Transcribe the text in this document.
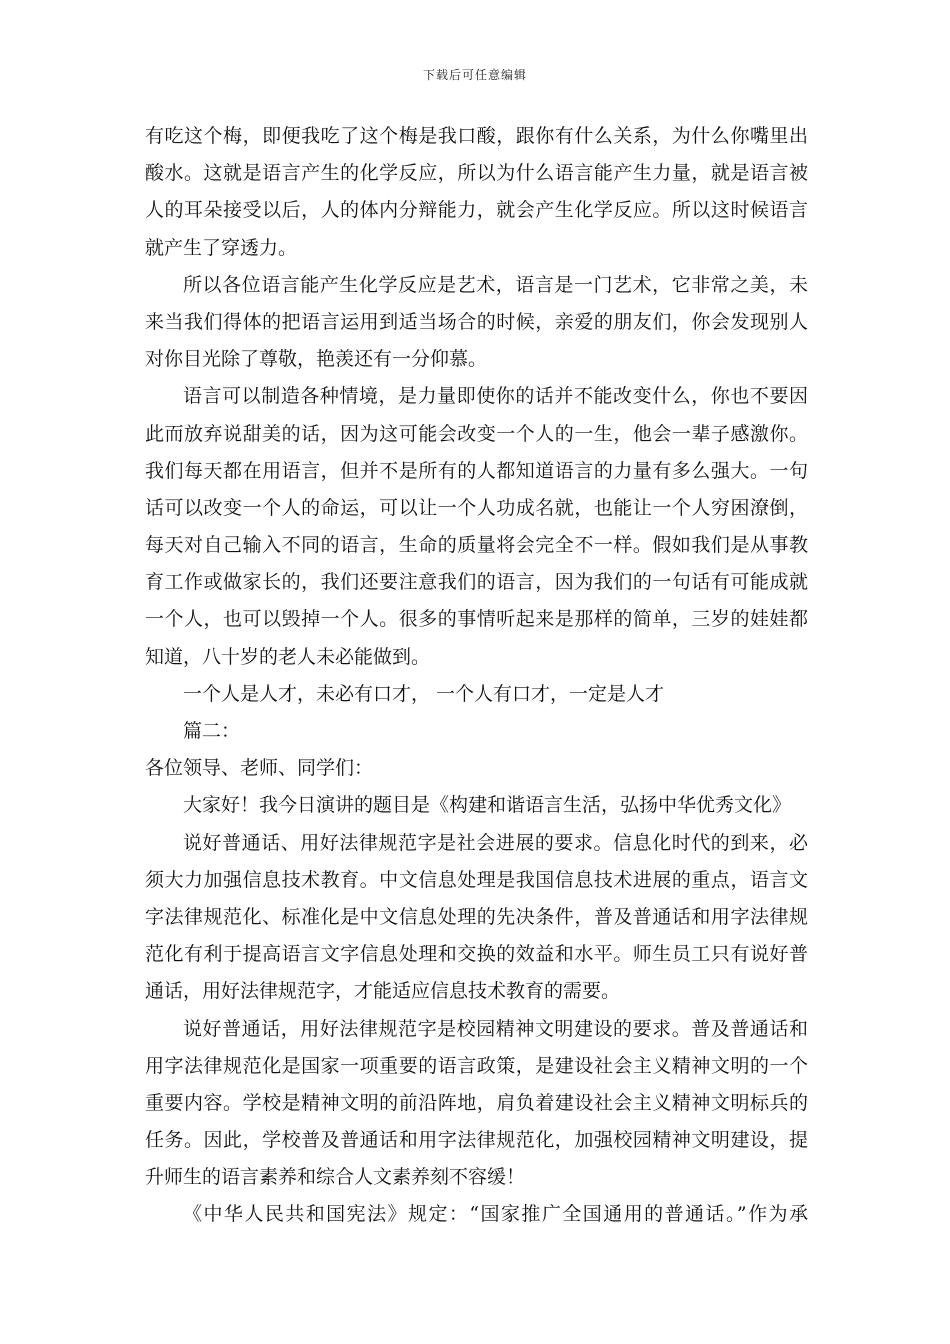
下载后可任意编辑
有吃这个梅，即便我吃了这个梅是我口酸，跟你有什么关系，为什么你嘴里出
酸水。这就是语言产生的化学反应，所以为什么语言能产生力量，就是语言被
人的耳朵接受以后，人的体内分辩能力，就会产生化学反应。所以这时候语言
就产生了穿透力。
所以各位语言能产生化学反应是艺术，语言是一门艺术，它非常之美，未
来当我们得体的把语言运用到适当场合的时候，亲爱的朋友们，你会发现别人
对你目光除了尊敬，艳羡还有一分仰慕。
语言可以制造各种情境，是力量即使你的话并不能改变什么，你也不要因
此而放弃说甜美的话，因为这可能会改变一个人的一生，他会一辈子感激你。
我们每天都在用语言，但并不是所有的人都知道语言的力量有多么强大。一句
话可以改变一个人的命运，可以让一个人功成名就，也能让一个人穷困潦倒，
每天对自己输入不同的语言，生命的质量将会完全不一样。假如我们是从事教
育工作或做家长的，我们还要注意我们的语言，因为我们的一句话有可能成就
一个人，也可以毁掉一个人。很多的事情听起来是那样的简单，三岁的娃娃都
知道，八十岁的老人未必能做到。
一个人是人才，未必有口才， 一个人有口才，一定是人才
篇二：
各位领导、老师、同学们：
大家好！我今日演讲的题目是《构建和谐语言生活，弘扬中华优秀文化》
说好普通话、用好法律规范字是社会进展的要求。信息化时代的到来，必
须大力加强信息技术教育。中文信息处理是我国信息技术进展的重点，语言文
字法律规范化、标准化是中文信息处理的先决条件，普及普通话和用字法律规
范化有利于提高语言文字信息处理和交换的效益和水平。师生员工只有说好普
通话，用好法律规范字，才能适应信息技术教育的需要。
说好普通话，用好法律规范字是校园精神文明建设的要求。普及普通话和
用字法律规范化是国家一项重要的语言政策，是建设社会主义精神文明的一个
重要内容。学校是精神文明的前沿阵地，肩负着建设社会主义精神文明标兵的
任务。因此，学校普及普通话和用字法律规范化，加强校园精神文明建设，提
升师生的语言素养和综合人文素养刻不容缓！
《中华人民共和国宪法》规定：“国家推广全国通用的普通话。”作为承
